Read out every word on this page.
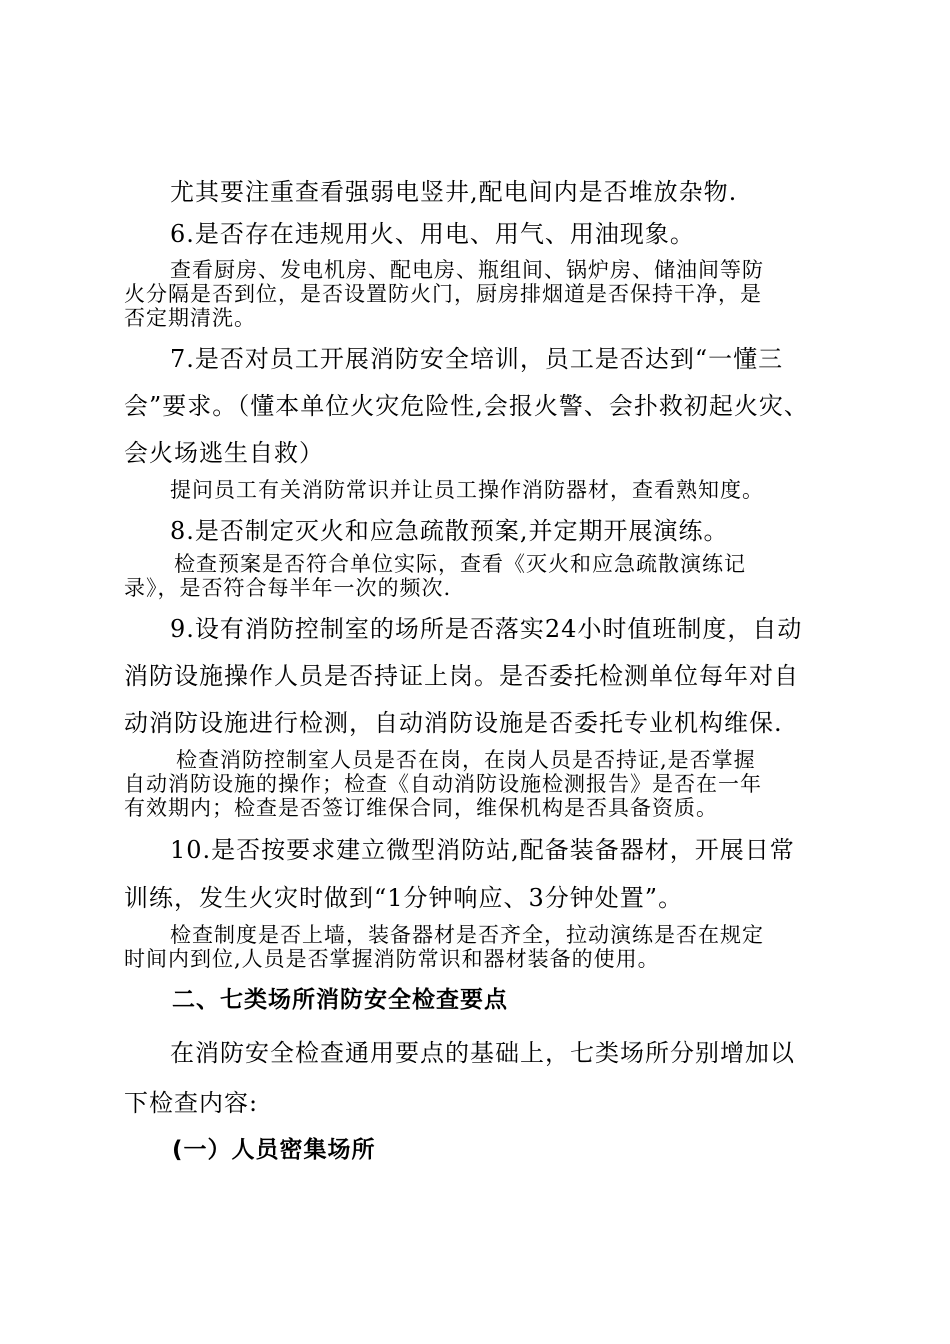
尤其要注重查看强弱电竖井,配电间内是否堆放杂物.
6.是否存在违规用火、用电、用气、用油现象。
查看厨房、发电机房、配电房、瓶组间、锅炉房、储油间等防
火分隔是否到位，是否设置防火门，厨房排烟道是否保持干净，是
否定期清洗。
7.是否对员工开展消防安全培训，员工是否达到“一懂三
会”要求。（懂本单位火灾危险性,会报火警、会扑救初起火灾、
会火场逃生自救）
提问员工有关消防常识并让员工操作消防器材，查看熟知度。
8.是否制定灭火和应急疏散预案,并定期开展演练。
检查预案是否符合单位实际，查看《灭火和应急疏散演练记
录》，是否符合每半年一次的频次.
9.设有消防控制室的场所是否落实24小时值班制度，自动
消防设施操作人员是否持证上岗。是否委托检测单位每年对自
动消防设施进行检测，自动消防设施是否委托专业机构维保.
检查消防控制室人员是否在岗，在岗人员是否持证,是否掌握
自动消防设施的操作；检查《自动消防设施检测报告》是否在一年
有效期内；检查是否签订维保合同，维保机构是否具备资质。
10.是否按要求建立微型消防站,配备装备器材，开展日常
训练，发生火灾时做到“1分钟响应、3分钟处置”。
检查制度是否上墙，装备器材是否齐全，拉动演练是否在规定
时间内到位,人员是否掌握消防常识和器材装备的使用。
二、七类场所消防安全检查要点
在消防安全检查通用要点的基础上，七类场所分别增加以
下检查内容:
(一）人员密集场所
